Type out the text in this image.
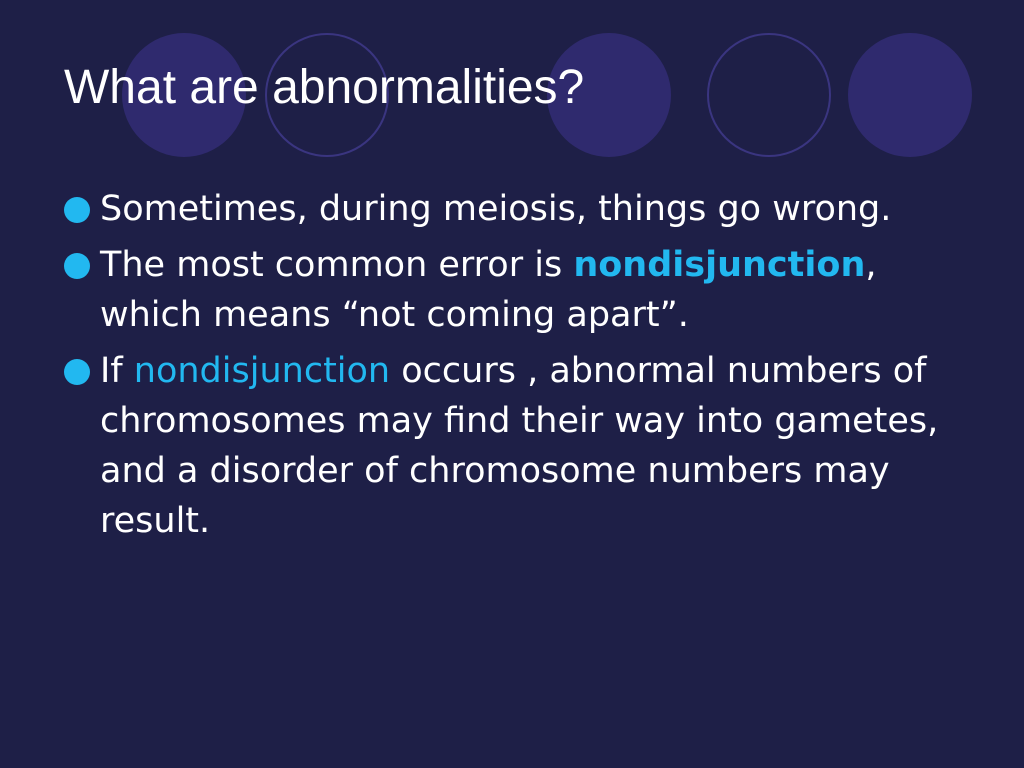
What are abnormalities?
Sometimes, during meiosis, things go wrong.
The most common error is nondisjunction, which means “not coming apart”.
If nondisjunction occurs , abnormal numbers of chromosomes may find their way into gametes, and a disorder of chromosome numbers may result.
